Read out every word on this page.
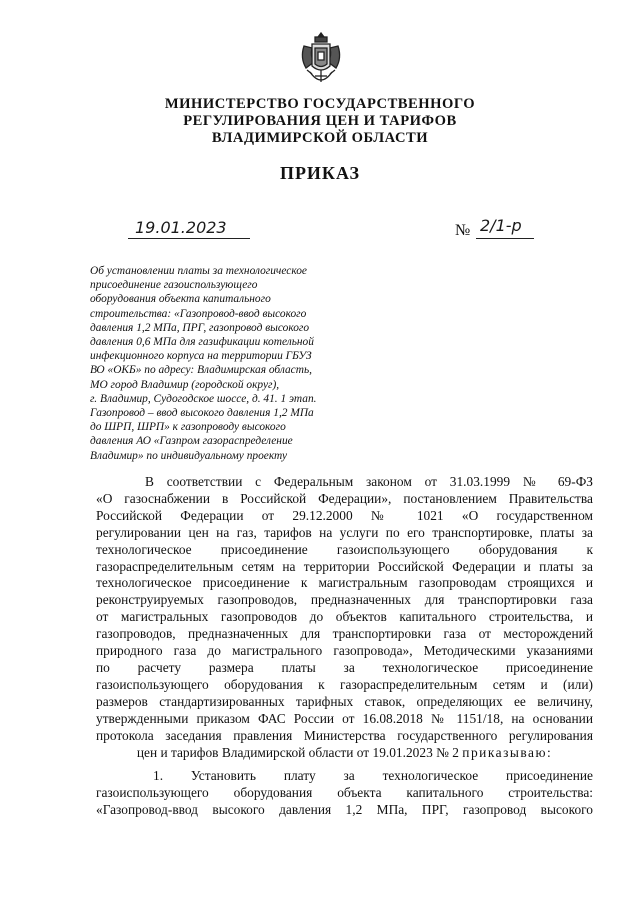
МИНИСТЕРСТВО ГОСУДАРСТВЕННОГО
РЕГУЛИРОВАНИЯ ЦЕН И ТАРИФОВ
ВЛАДИМИРСКОЙ ОБЛАСТИ
ПРИКАЗ
19.01.2023	№ 2/1-р
Об установлении платы за технологическое
присоединение газоиспользующего
оборудования объекта капитального
строительства: «Газопровод-ввод высокого
давления 1,2 МПа, ПРГ, газопровод высокого
давления 0,6 МПа для газификации котельной
инфекционного корпуса на территории ГБУЗ
ВО «ОКБ» по адресу: Владимирская область,
МО город Владимир (городской округ),
г. Владимир, Судогодское шоссе, д. 41. 1 этап.
Газопровод – ввод высокого давления 1,2 МПа
до ШРП, ШРП» к газопроводу высокого
давления АО «Газпром газораспределение
Владимир» по индивидуальному проекту
В соответствии с Федеральным законом от 31.03.1999 № 69-ФЗ
«О газоснабжении в Российской Федерации», постановлением Правительства
Российской Федерации от 29.12.2000 № 1021 «О государственном
регулировании цен на газ, тарифов на услуги по его транспортировке, платы за
технологическое присоединение газоиспользующего оборудования к
газораспределительным сетям на территории Российской Федерации и платы за
технологическое присоединение к магистральным газопроводам строящихся и
реконструируемых газопроводов, предназначенных для транспортировки газа
от магистральных газопроводов до объектов капитального строительства, и
газопроводов, предназначенных для транспортировки газа от месторождений
природного газа до магистрального газопровода», Методическими указаниями
по расчету размера платы за технологическое присоединение
газоиспользующего оборудования к газораспределительным сетям и (или)
размеров стандартизированных тарифных ставок, определяющих ее величину,
утвержденными приказом ФАС России от 16.08.2018 № 1151/18, на основании
протокола заседания правления Министерства государственного регулирования
цен и тарифов Владимирской области от 19.01.2023 № 2 приказываю:
1. Установить плату за технологическое присоединение
газоиспользующего оборудования объекта капитального строительства:
«Газопровод-ввод высокого давления 1,2 МПа, ПРГ, газопровод высокого
